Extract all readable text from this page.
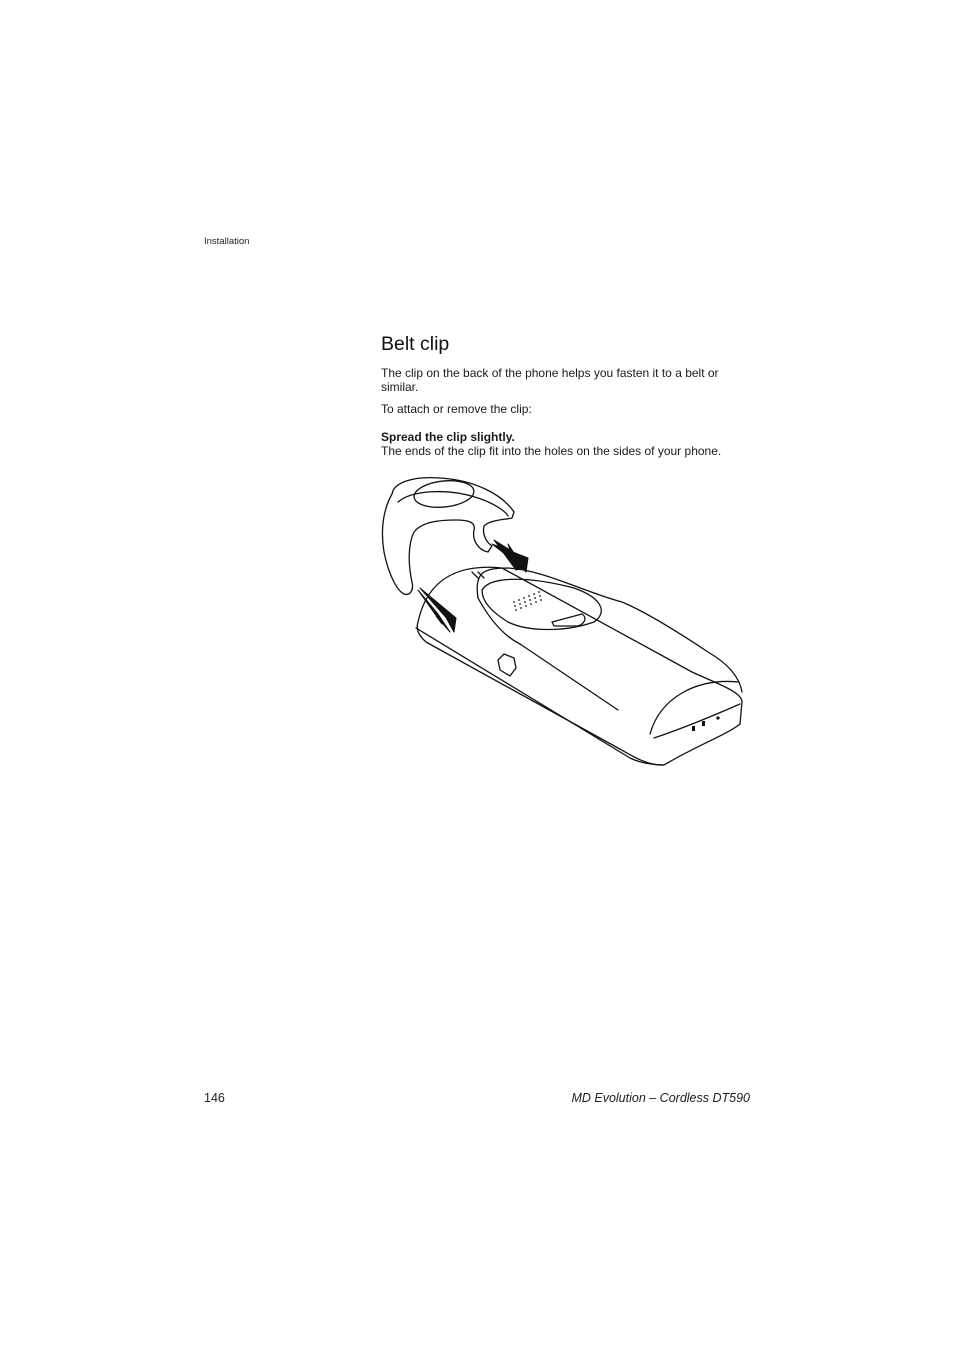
Installation
Belt clip

The clip on the back of the phone helps you fasten it to a belt or similar.

To attach or remove the clip:

Spread the clip slightly.

The ends of the clip fit into the holes on the sides of your phone.

146	MD Evolution – Cordless DT590
